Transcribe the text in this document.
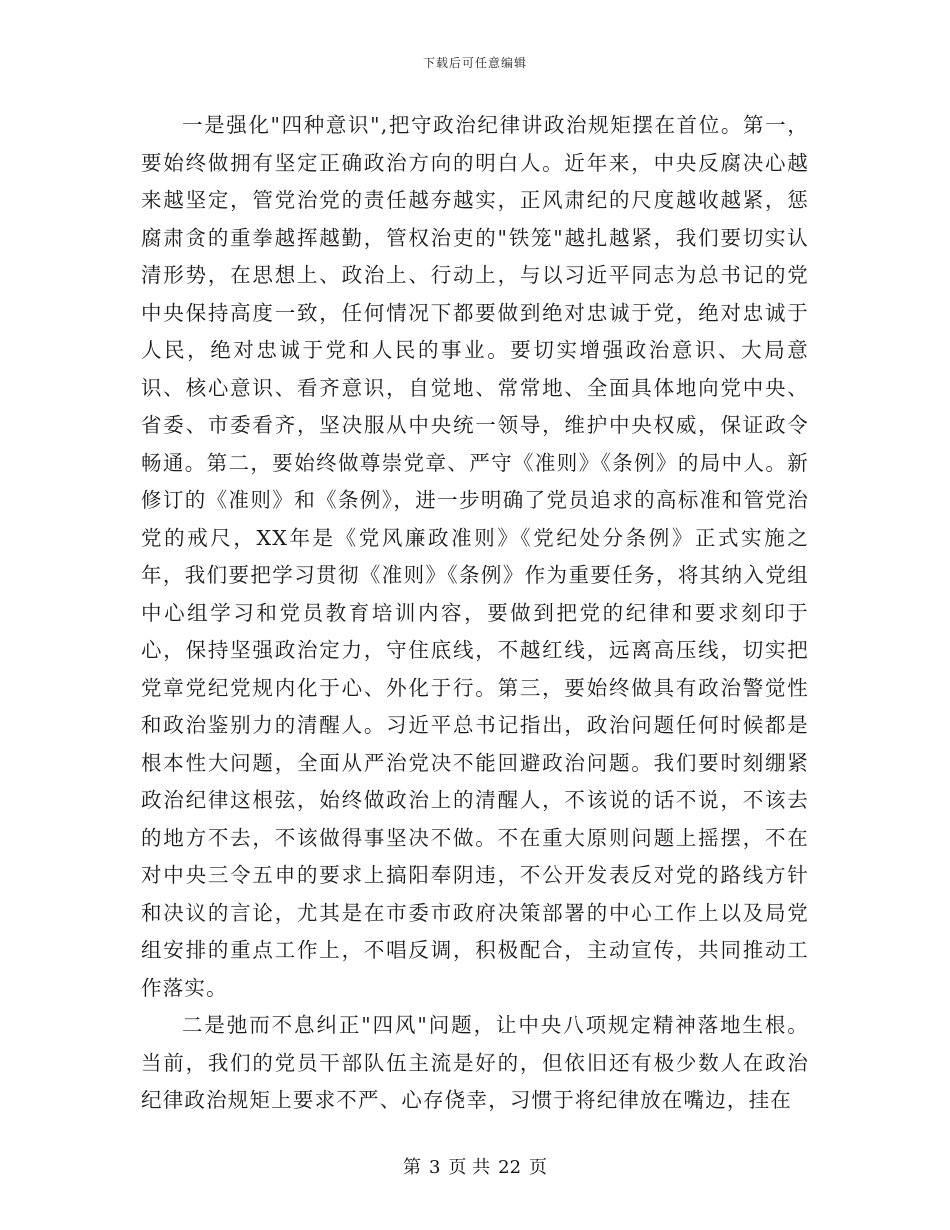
下载后可任意编辑

一是强化"四种意识",把守政治纪律讲政治规矩摆在首位。第一，要始终做拥有坚定正确政治方向的明白人。近年来，中央反腐决心越来越坚定，管党治党的责任越夯越实，正风肃纪的尺度越收越紧，惩腐肃贪的重拳越挥越勤，管权治吏的"铁笼"越扎越紧，我们要切实认清形势，在思想上、政治上、行动上，与以习近平同志为总书记的党中央保持高度一致，任何情况下都要做到绝对忠诚于党，绝对忠诚于人民，绝对忠诚于党和人民的事业。要切实增强政治意识、大局意识、核心意识、看齐意识，自觉地、常常地、全面具体地向党中央、省委、市委看齐，坚决服从中央统一领导，维护中央权威，保证政令畅通。第二，要始终做尊崇党章、严守《准则》《条例》的局中人。新修订的《准则》和《条例》，进一步明确了党员追求的高标准和管党治党的戒尺，XX年是《党风廉政准则》《党纪处分条例》正式实施之年，我们要把学习贯彻《准则》《条例》作为重要任务，将其纳入党组中心组学习和党员教育培训内容，要做到把党的纪律和要求刻印于心，保持坚强政治定力，守住底线，不越红线，远离高压线，切实把党章党纪党规内化于心、外化于行。第三，要始终做具有政治警觉性和政治鉴别力的清醒人。习近平总书记指出，政治问题任何时候都是根本性大问题，全面从严治党决不能回避政治问题。我们要时刻绷紧政治纪律这根弦，始终做政治上的清醒人，不该说的话不说，不该去的地方不去，不该做得事坚决不做。不在重大原则问题上摇摆，不在对中央三令五申的要求上搞阳奉阴违，不公开发表反对党的路线方针和决议的言论，尤其是在市委市政府决策部署的中心工作上以及局党组安排的重点工作上，不唱反调，积极配合，主动宣传，共同推动工作落实。

二是弛而不息纠正"四风"问题，让中央八项规定精神落地生根。当前，我们的党员干部队伍主流是好的，但依旧还有极少数人在政治纪律政治规矩上要求不严、心存侥幸，习惯于将纪律放在嘴边，挂在

第 3 页 共 22 页
